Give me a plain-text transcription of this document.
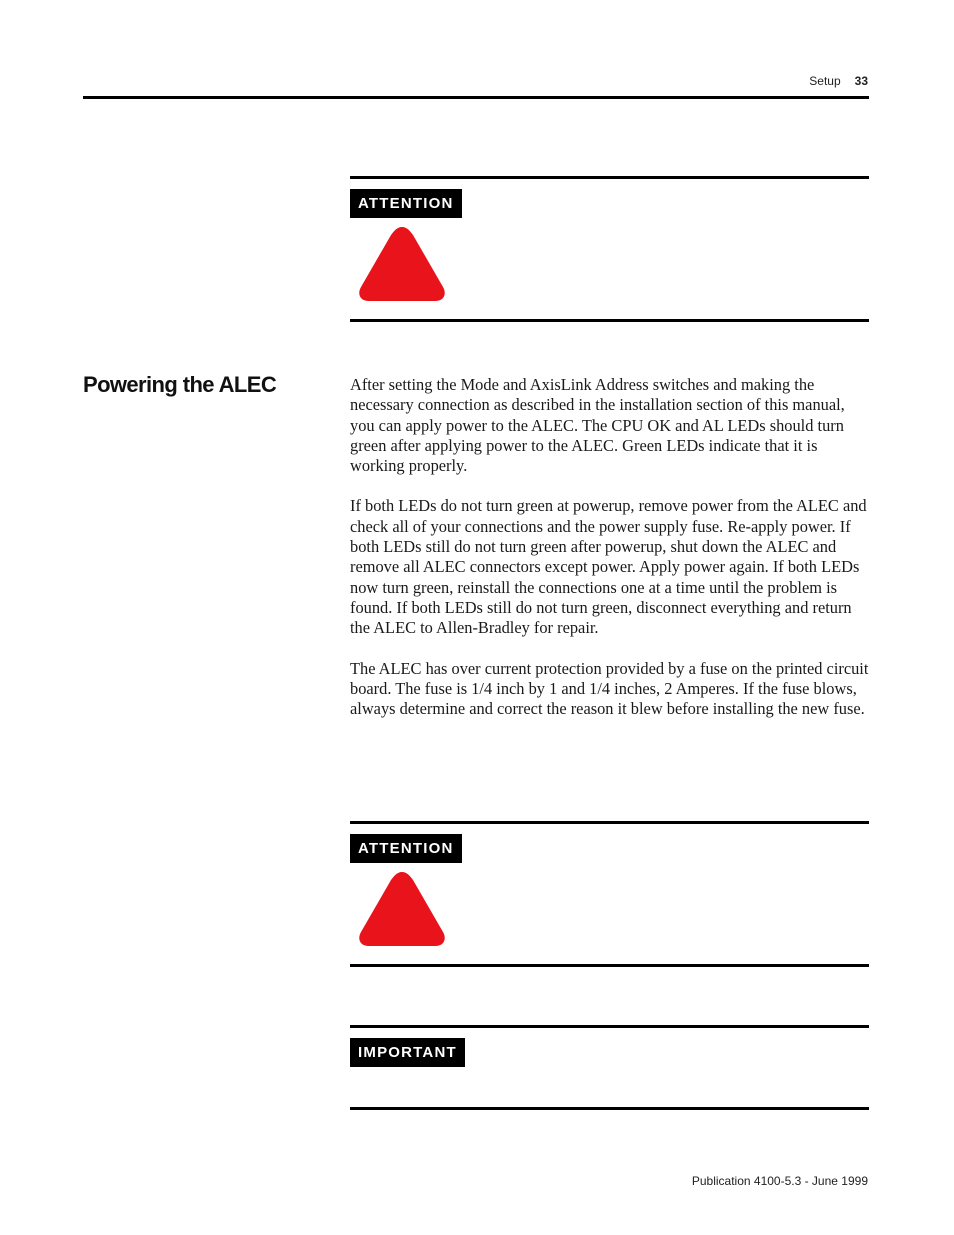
Setup 33
ATTENTION
Powering the ALEC	After setting the Mode and AxisLink Address switches and making the necessary connection as described in the installation section of this manual, you can apply power to the ALEC. The CPU OK and AL LEDs should turn green after applying power to the ALEC. Green LEDs indicate that it is working properly.

If both LEDs do not turn green at powerup, remove power from the ALEC and check all of your connections and the power supply fuse. Re-apply power. If both LEDs still do not turn green after powerup, shut down the ALEC and remove all ALEC connectors except power. Apply power again. If both LEDs now turn green, reinstall the connections one at a time until the problem is found. If both LEDs still do not turn green, disconnect everything and return the ALEC to Allen-Bradley for repair.

The ALEC has over current protection provided by a fuse on the printed circuit board. The fuse is 1/4 inch by 1 and 1/4 inches, 2 Amperes. If the fuse blows, always determine and correct the reason it blew before installing the new fuse.

ATTENTION
IMPORTANT
Publication 4100-5.3 - June 1999
